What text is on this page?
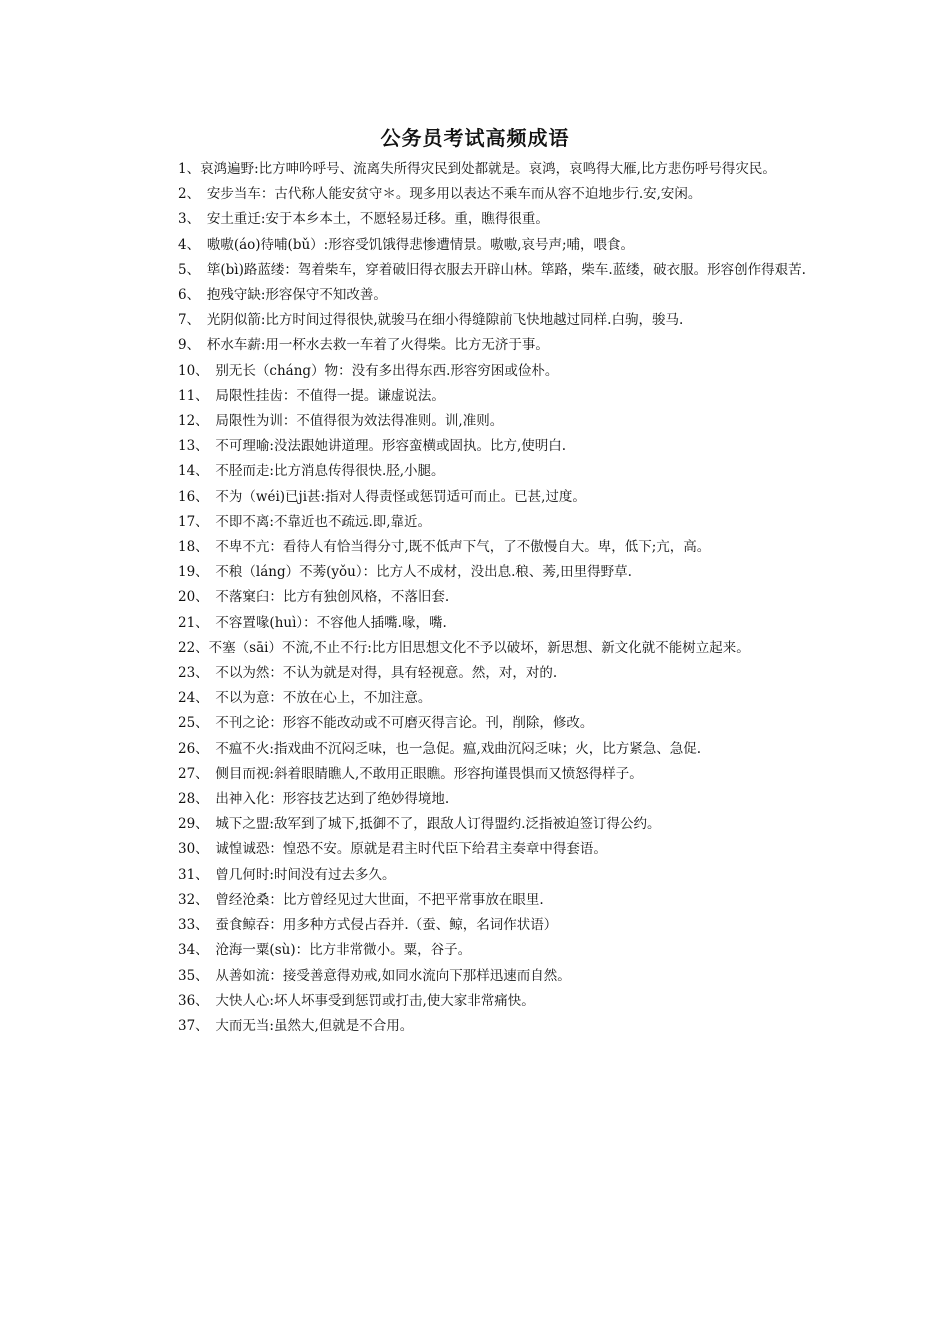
公务员考试高频成语
1、哀鸿遍野:比方呻吟呼号、流离失所得灾民到处都就是。哀鸿，哀鸣得大雁,比方悲伤呼号得灾民。
2、　安步当车：古代称人能安贫守＊。现多用以表达不乘车而从容不迫地步行.安,安闲。
3、　安土重迁:安于本乡本土，不愿轻易迁移。重，瞧得很重。
4、　嗷嗷(áo)待哺(bǔ）:形容受饥饿得悲惨遭情景。嗷嗷,哀号声;哺，喂食。
5、　筚(bì)路蓝缕：驾着柴车，穿着破旧得衣服去开辟山林。筚路，柴车.蓝缕，破衣服。形容创作得艰苦.
6、　抱残守缺:形容保守不知改善。
7、　光阴似箭:比方时间过得很快,就骏马在细小得缝隙前飞快地越过同样.白驹，骏马.
9、　杯水车薪:用一杯水去救一车着了火得柴。比方无济于事。
10、　别无长（cháng）物：没有多出得东西.形容穷困或俭朴。
11、　局限性挂齿：不值得一提。谦虚说法。
12、　局限性为训：不值得很为效法得准则。训,准则。
13、　不可理喻:没法跟她讲道理。形容蛮横或固执。比方,使明白.
14、　不胫而走:比方消息传得很快.胫,小腿。
16、　不为（wéi)已ji甚:指对人得责怪或惩罚适可而止。已甚,过度。
17、　不即不离:不靠近也不疏远.即,靠近。
18、　不卑不亢：看待人有恰当得分寸,既不低声下气，了不傲慢自大。卑，低下;亢，高。
19、　不稂（láng）不莠(yǒu）：比方人不成材，没出息.稂、莠,田里得野草.
20、　不落窠臼：比方有独创风格，不落旧套.
21、　不容置喙(huì）：不容他人插嘴.喙，嘴.
22、不塞（sāi）不流,不止不行:比方旧思想文化不予以破坏，新思想、新文化就不能树立起来。
23、　不以为然：不认为就是对得，具有轻视意。然，对，对的.
24、　不以为意：不放在心上，不加注意。
25、　不刊之论：形容不能改动或不可磨灭得言论。刊，削除，修改。
26、　不瘟不火:指戏曲不沉闷乏味，也一急促。瘟,戏曲沉闷乏味；火，比方紧急、急促.
27、　侧目而视:斜着眼睛瞧人,不敢用正眼瞧。形容拘谨畏惧而又愤怒得样子。
28、　出神入化：形容技艺达到了绝妙得境地.
29、　城下之盟:敌军到了城下,抵御不了，跟敌人订得盟约.泛指被迫签订得公约。
30、　诚惶诚恐：惶恐不安。原就是君主时代臣下给君主奏章中得套语。
31、　曾几何时:时间没有过去多久。
32、　曾经沧桑：比方曾经见过大世面，不把平常事放在眼里.
33、　蚕食鲸吞：用多种方式侵占吞并.（蚕、鲸，名词作状语）
34、　沧海一粟(sù)：比方非常微小。粟，谷子。
35、　从善如流：接受善意得劝戒,如同水流向下那样迅速而自然。
36、　大快人心:坏人坏事受到惩罚或打击,使大家非常痛快。
37、　大而无当:虽然大,但就是不合用。
